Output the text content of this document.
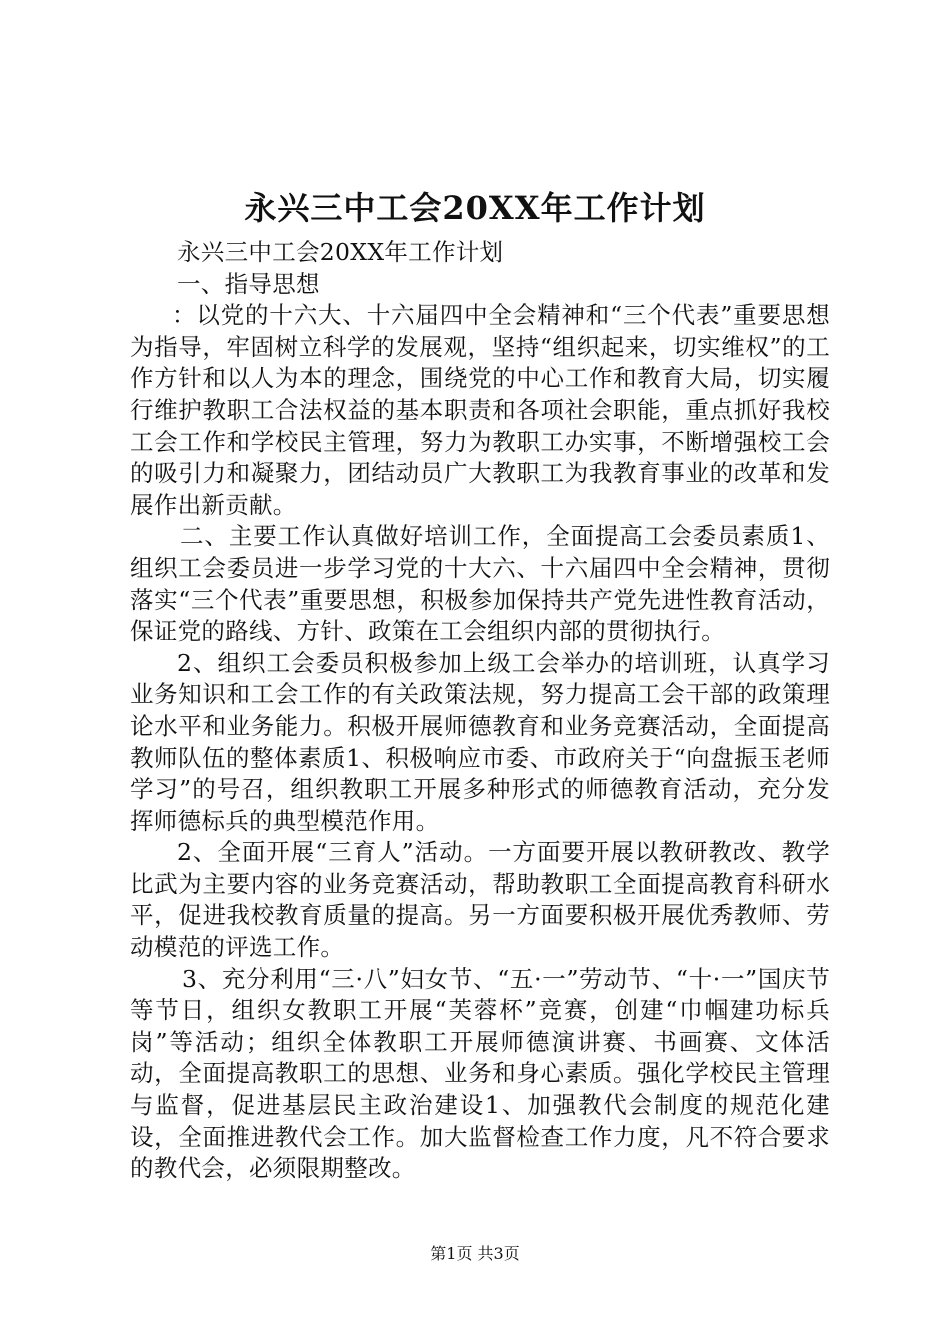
永兴三中工会20XX年工作计划

永兴三中工会20XX年工作计划

一、指导思想

：以党的十六大、十六届四中全会精神和“三个代表”重要思想为指导，牢固树立科学的发展观，坚持“组织起来，切实维权”的工作方针和以人为本的理念，围绕党的中心工作和教育大局，切实履行维护教职工合法权益的基本职责和各项社会职能，重点抓好我校工会工作和学校民主管理，努力为教职工办实事，不断增强校工会的吸引力和凝聚力，团结动员广大教职工为我教育事业的改革和发展作出新贡献。

二、主要工作认真做好培训工作，全面提高工会委员素质1、组织工会委员进一步学习党的十大六、十六届四中全会精神，贯彻落实“三个代表”重要思想，积极参加保持共产党先进性教育活动，保证党的路线、方针、政策在工会组织内部的贯彻执行。

2、组织工会委员积极参加上级工会举办的培训班，认真学习业务知识和工会工作的有关政策法规，努力提高工会干部的政策理论水平和业务能力。积极开展师德教育和业务竞赛活动，全面提高教师队伍的整体素质1、积极响应市委、市政府关于“向盘振玉老师学习”的号召，组织教职工开展多种形式的师德教育活动，充分发挥师德标兵的典型模范作用。

2、全面开展“三育人”活动。一方面要开展以教研教改、教学比武为主要内容的业务竞赛活动，帮助教职工全面提高教育科研水平，促进我校教育质量的提高。另一方面要积极开展优秀教师、劳动模范的评选工作。

3、充分利用“三·八”妇女节、“五·一”劳动节、“十·一”国庆节等节日，组织女教职工开展“芙蓉杯”竞赛，创建“巾帼建功标兵岗”等活动；组织全体教职工开展师德演讲赛、书画赛、文体活动，全面提高教职工的思想、业务和身心素质。强化学校民主管理与监督，促进基层民主政治建设1、加强教代会制度的规范化建设，全面推进教代会工作。加大监督检查工作力度，凡不符合要求的教代会，必须限期整改。

第1页 共3页
